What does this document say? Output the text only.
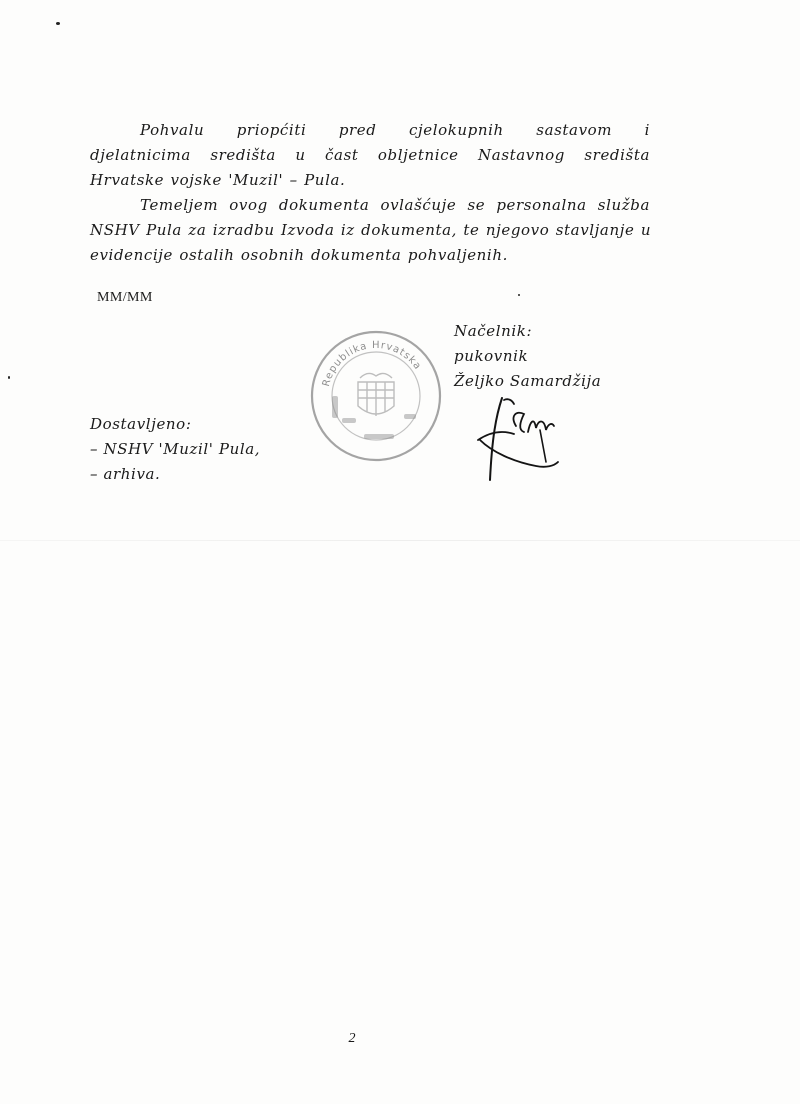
Pohvalu priopćiti pred cjelokupnih sastavom i
djelatnicima središta u čast obljetnice Nastavnog središta
Hrvatske vojske 'Muzil' – Pula.

Temeljem ovog dokumenta ovlašćuje se personalna služba
NSHV Pula za izradbu Izvoda iz dokumenta, te njegovo stavljanje u
evidencije ostalih osobnih dokumenta pohvaljenih.

MM/MM

Republika Hrvatska
Načelnik:
pukovnik
Željko Samardžija
Dostavljeno:
– NSHV 'Muzil' Pula,
– arhiva.
2
